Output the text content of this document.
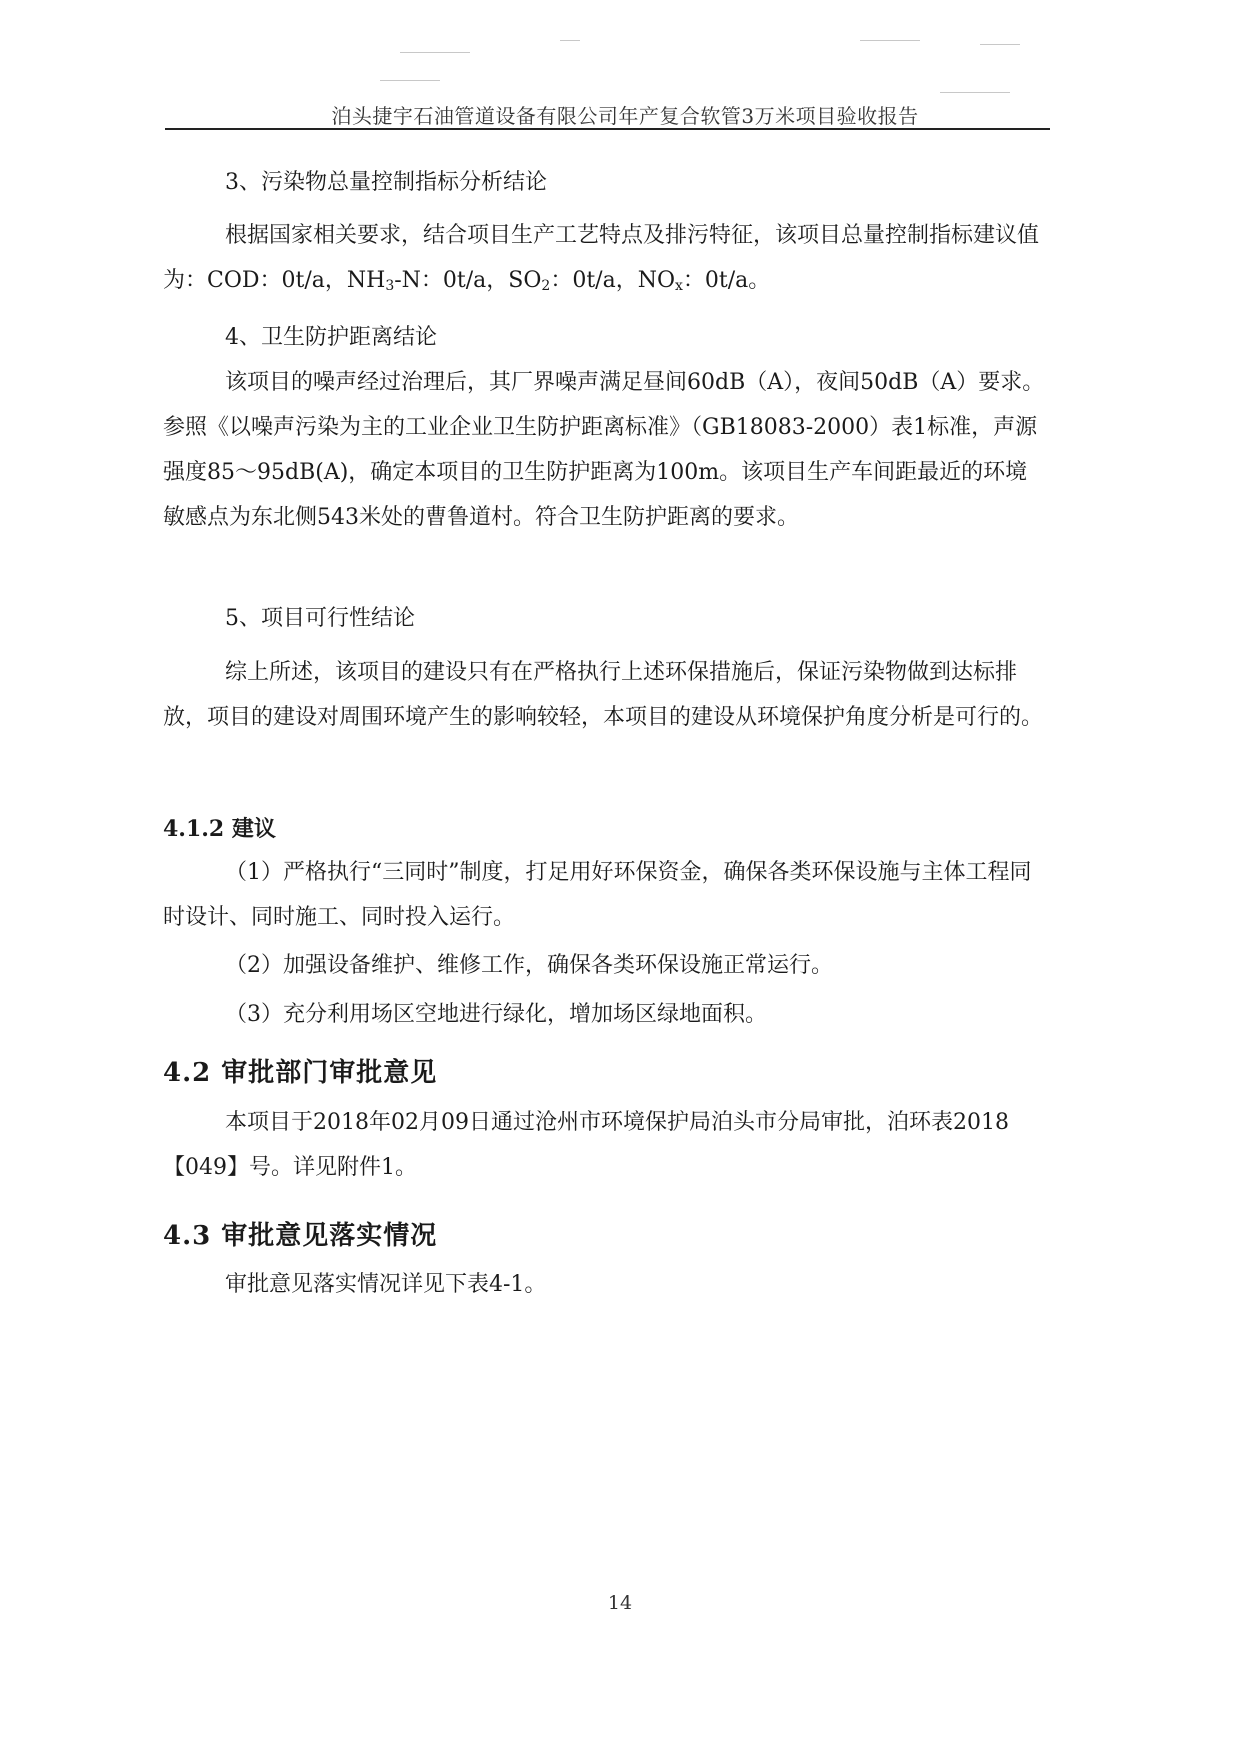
泊头捷宇石油管道设备有限公司年产复合软管3万米项目验收报告

3、污染物总量控制指标分析结论

根据国家相关要求，结合项目生产工艺特点及排污特征，该项目总量控制指标建议值为：COD：0t/a，$NH_3-N$：0t/a，$SO_2$：0t/a，$NO_x$：0t/a。

4、卫生防护距离结论

该项目的噪声经过治理后，其厂界噪声满足昼间60dB（A），夜间50dB（A）要求。参照《以噪声污染为主的工业企业卫生防护距离标准》（GB18083-2000）表1标准，声源强度85～95dB(A)，确定本项目的卫生防护距离为100m。该项目生产车间距最近的环境敏感点为东北侧543米处的曹鲁道村。符合卫生防护距离的要求。

5、项目可行性结论

综上所述，该项目的建设只有在严格执行上述环保措施后，保证污染物做到达标排放，项目的建设对周围环境产生的影响较轻，本项目的建设从环境保护角度分析是可行的。

4.1.2 建议

（1）严格执行“三同时”制度，打足用好环保资金，确保各类环保设施与主体工程同时设计、同时施工、同时投入运行。

（2）加强设备维护、维修工作，确保各类环保设施正常运行。

（3）充分利用场区空地进行绿化，增加场区绿地面积。

4.2 审批部门审批意见

本项目于2018年02月09日通过沧州市环境保护局泊头市分局审批，泊环表2018【049】号。详见附件1。

4.3 审批意见落实情况

审批意见落实情况详见下表4-1。

14
